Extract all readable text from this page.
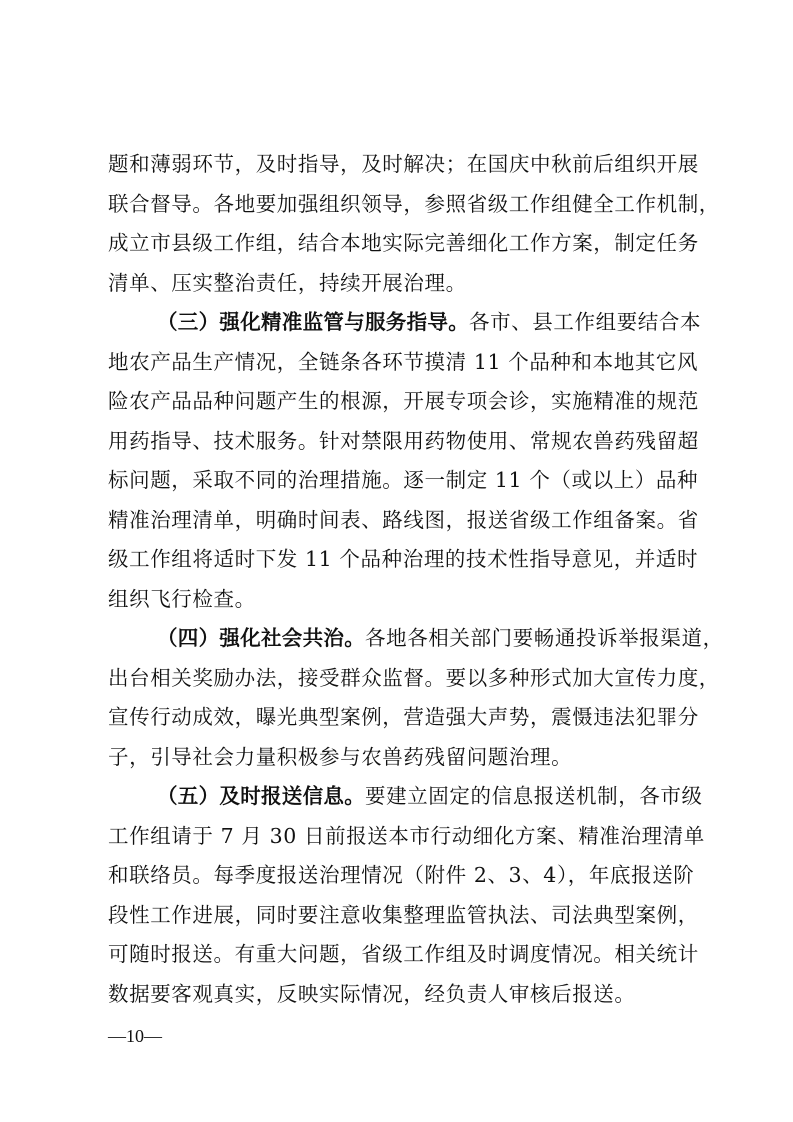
题和薄弱环节，及时指导，及时解决；在国庆中秋前后组织开展
联合督导。各地要加强组织领导，参照省级工作组健全工作机制，
成立市县级工作组，结合本地实际完善细化工作方案，制定任务
清单、压实整治责任，持续开展治理。
（三）强化精准监管与服务指导。各市、县工作组要结合本
地农产品生产情况，全链条各环节摸清 11 个品种和本地其它风
险农产品品种问题产生的根源，开展专项会诊，实施精准的规范
用药指导、技术服务。针对禁限用药物使用、常规农兽药残留超
标问题，采取不同的治理措施。逐一制定 11 个（或以上）品种
精准治理清单，明确时间表、路线图，报送省级工作组备案。省
级工作组将适时下发 11 个品种治理的技术性指导意见，并适时
组织飞行检查。
（四）强化社会共治。各地各相关部门要畅通投诉举报渠道，
出台相关奖励办法，接受群众监督。要以多种形式加大宣传力度，
宣传行动成效，曝光典型案例，营造强大声势，震慑违法犯罪分
子，引导社会力量积极参与农兽药残留问题治理。
（五）及时报送信息。要建立固定的信息报送机制，各市级
工作组请于 7 月 30 日前报送本市行动细化方案、精准治理清单
和联络员。每季度报送治理情况（附件 2、3、4），年底报送阶
段性工作进展，同时要注意收集整理监管执法、司法典型案例，
可随时报送。有重大问题，省级工作组及时调度情况。相关统计
数据要客观真实，反映实际情况，经负责人审核后报送。
—10—
